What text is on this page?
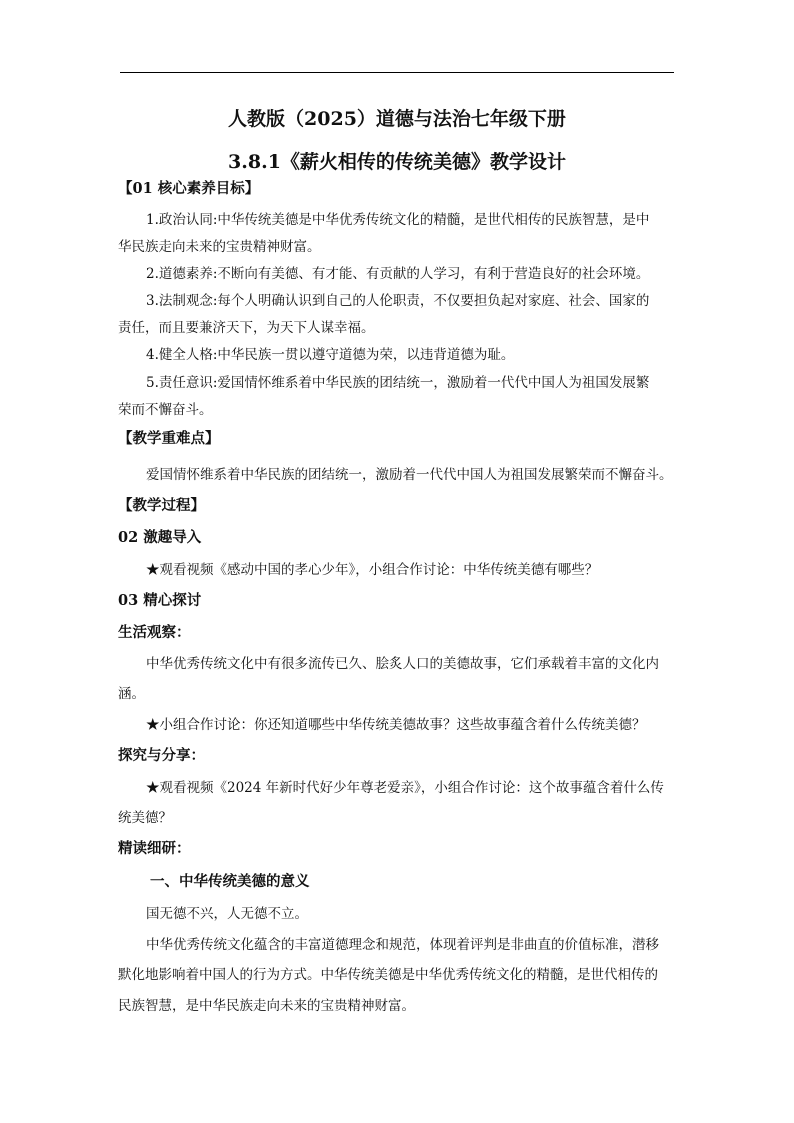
人教版（2025）道德与法治七年级下册
3.8.1《薪火相传的传统美德》教学设计
【01 核心素养目标】
1.政治认同:中华传统美德是中华优秀传统文化的精髓，是世代相传的民族智慧，是中
华民族走向未来的宝贵精神财富。
2.道德素养:不断向有美德、有才能、有贡献的人学习，有利于营造良好的社会环境。
3.法制观念:每个人明确认识到自己的人伦职责，不仅要担负起对家庭、社会、国家的
责任，而且要兼济天下，为天下人谋幸福。
4.健全人格:中华民族一贯以遵守道德为荣，以违背道德为耻。
5.责任意识:爱国情怀维系着中华民族的团结统一，激励着一代代中国人为祖国发展繁
荣而不懈奋斗。
【教学重难点】
爱国情怀维系着中华民族的团结统一，激励着一代代中国人为祖国发展繁荣而不懈奋斗。
【教学过程】
02 激趣导入
★观看视频《感动中国的孝心少年》，小组合作讨论：中华传统美德有哪些？
03 精心探讨
生活观察：
中华优秀传统文化中有很多流传已久、脍炙人口的美德故事，它们承载着丰富的文化内
涵。
★小组合作讨论：你还知道哪些中华传统美德故事？这些故事蕴含着什么传统美德？
探究与分享：
★观看视频《2024 年新时代好少年尊老爱亲》，小组合作讨论：这个故事蕴含着什么传
统美德？
精读细研：
一、中华传统美德的意义
国无德不兴，人无德不立。
中华优秀传统文化蕴含的丰富道德理念和规范，体现着评判是非曲直的价值标准，潜移
默化地影响着中国人的行为方式。中华传统美德是中华优秀传统文化的精髓，是世代相传的
民族智慧，是中华民族走向未来的宝贵精神财富。
